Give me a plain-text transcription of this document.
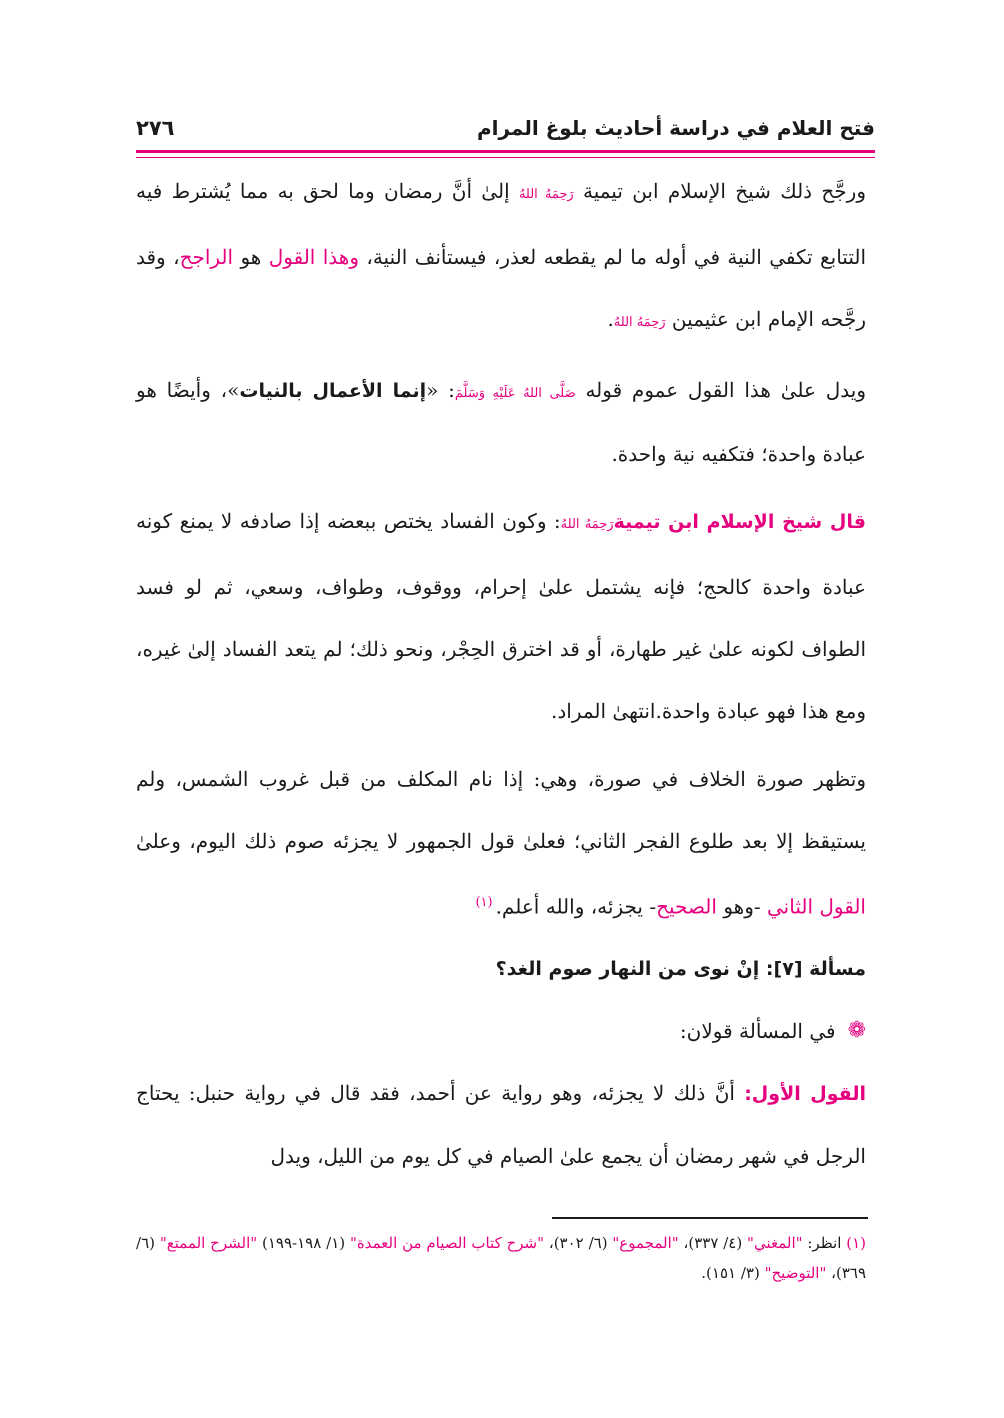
فتح العلام في دراسة أحاديث بلوغ المرام
٢٧٦

ورجَّح ذلك شيخ الإسلام ابن تيمية رَحِمَهُ اللهُ إلىٰ أنَّ رمضان وما لحق به مما يُشترط فيه التتابع تكفي النية في أوله ما لم يقطعه لعذر، فيستأنف النية، وهذا القول هو الراجح، وقد رجَّحه الإمام ابن عثيمين رَحِمَهُ اللهُ.

ويدل علىٰ هذا القول عموم قوله صَلَّى اللهُ عَلَيْهِ وَسَلَّمَ: «إنما الأعمال بالنيات»، وأيضًا هو عبادة واحدة؛ فتكفيه نية واحدة.

قال شيخ الإسلام ابن تيميةرَحِمَهُ اللهُ: وكون الفساد يختص ببعضه إذا صادفه لا يمنع كونه عبادة واحدة كالحج؛ فإنه يشتمل علىٰ إحرام، ووقوف، وطواف، وسعي، ثم لو فسد الطواف لكونه علىٰ غير طهارة، أو قد اخترق الحِجْر، ونحو ذلك؛ لم يتعد الفساد إلىٰ غيره، ومع هذا فهو عبادة واحدة.انتهىٰ المراد.

وتظهر صورة الخلاف في صورة، وهي: إذا نام المكلف من قبل غروب الشمس، ولم يستيقظ إلا بعد طلوع الفجر الثاني؛ فعلىٰ قول الجمهور لا يجزئه صوم ذلك اليوم، وعلىٰ القول الثاني -وهو الصحيح- يجزئه، والله أعلم.$^{(١)}$

مسألة [٧]: إنْ نوى من النهار صوم الغد؟
❁
في المسألة قولان:

القول الأول: أنَّ ذلك لا يجزئه، وهو رواية عن أحمد، فقد قال في رواية حنبل: يحتاج الرجل في شهر رمضان أن يجمع علىٰ الصيام في كل يوم من الليل، ويدل

(١) انظر: "المغني" (٤/ ٣٣٧)، "المجموع" (٦/ ٣٠٢)، "شرح كتاب الصيام من العمدة" (١/ ١٩٨-١٩٩) "الشرح الممتع" (٦/ ٣٦٩)، "التوضيح" (٣/ ١٥١).
